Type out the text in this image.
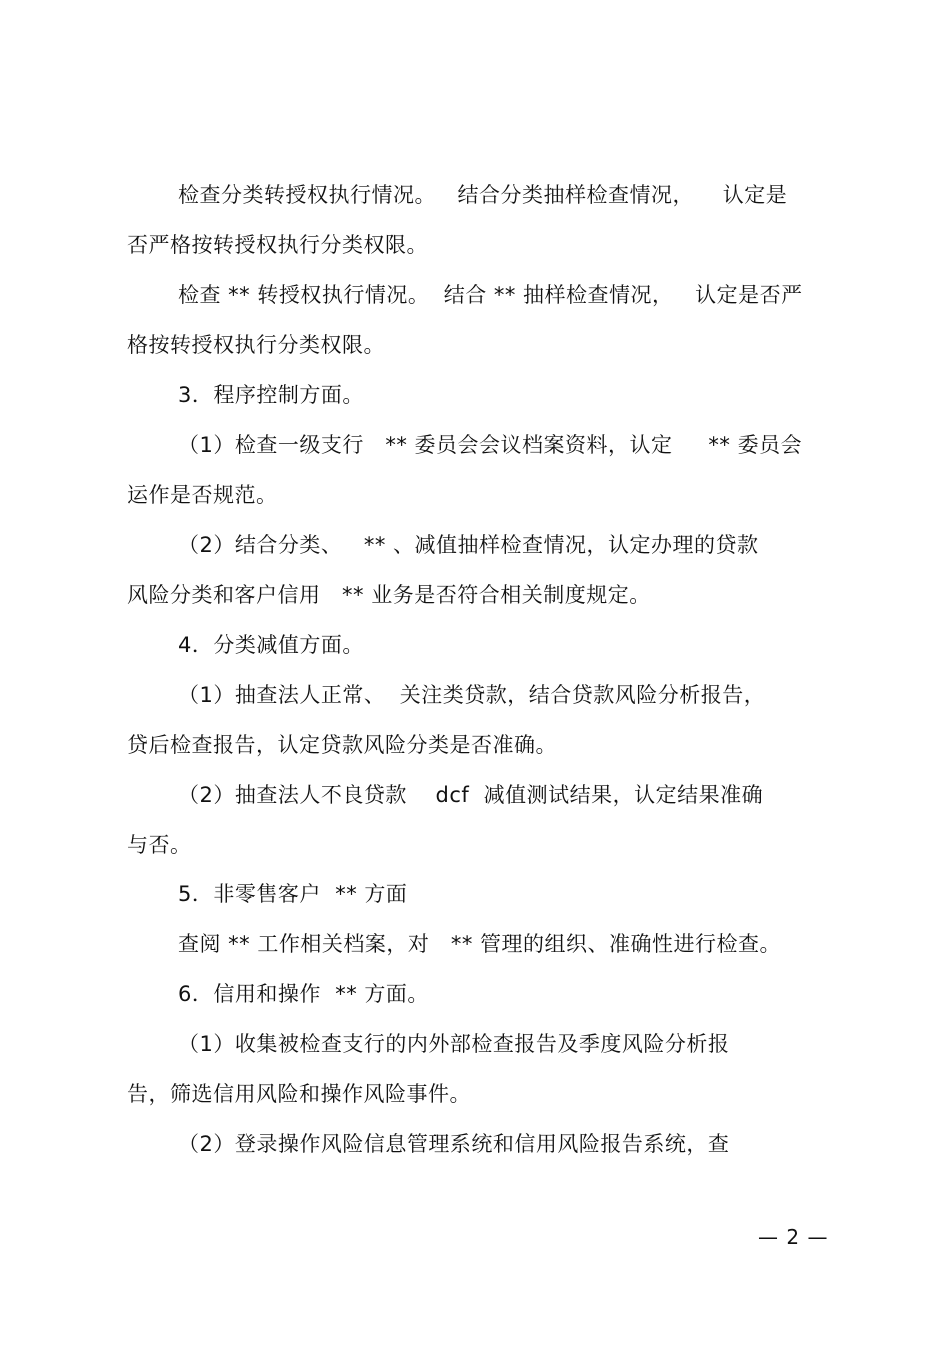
检查分类转授权执行情况。   结合分类抽样检查情况，    认定是
否严格按转授权执行分类权限。
检查 ** 转授权执行情况。  结合 ** 抽样检查情况，   认定是否严
格按转授权执行分类权限。
3．程序控制方面。
（1）检查一级支行   ** 委员会会议档案资料，认定     ** 委员会
运作是否规范。
（2）结合分类、   ** 、减值抽样检查情况，认定办理的贷款
风险分类和客户信用   ** 业务是否符合相关制度规定。
4．分类减值方面。
（1）抽查法人正常、  关注类贷款，结合贷款风险分析报告，
贷后检查报告，认定贷款风险分类是否准确。
（2）抽查法人不良贷款    dcf  减值测试结果，认定结果准确
与否。
5．非零售客户  ** 方面
查阅 ** 工作相关档案，对   ** 管理的组织、准确性进行检查。
6．信用和操作  ** 方面。
（1）收集被检查支行的内外部检查报告及季度风险分析报
告，筛选信用风险和操作风险事件。
（2）登录操作风险信息管理系统和信用风险报告系统，查
— 2 —
